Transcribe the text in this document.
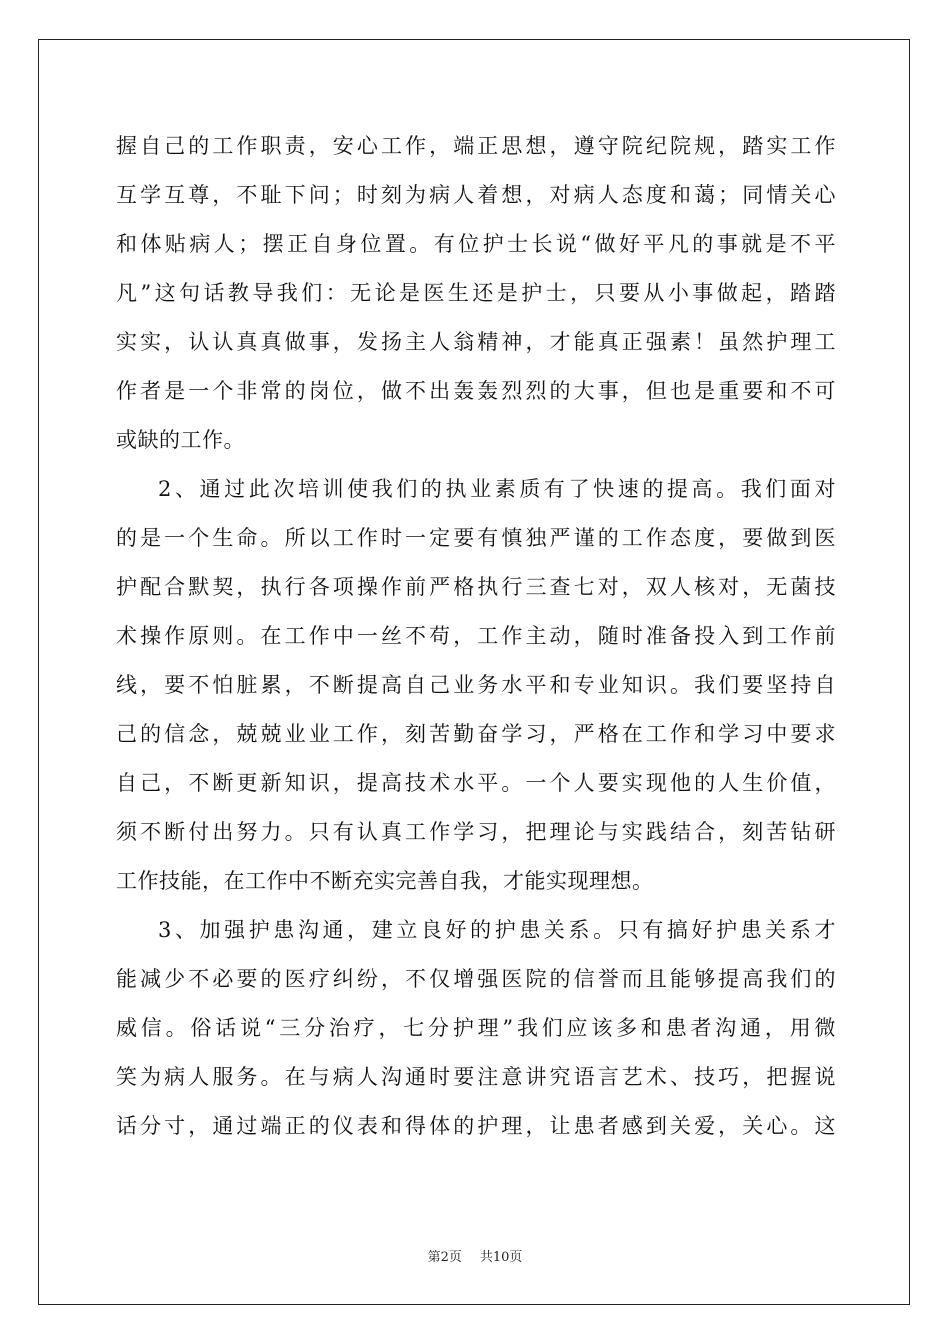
握自己的工作职责，安心工作，端正思想，遵守院纪院规，踏实工作
互学互尊，不耻下问；时刻为病人着想，对病人态度和蔼；同情关心
和体贴病人；摆正自身位置。有位护士长说“做好平凡的事就是不平
凡”这句话教导我们：无论是医生还是护士，只要从小事做起，踏踏
实实，认认真真做事，发扬主人翁精神，才能真正强素！虽然护理工
作者是一个非常的岗位，做不出轰轰烈烈的大事，但也是重要和不可
或缺的工作。
2、通过此次培训使我们的执业素质有了快速的提高。我们面对
的是一个生命。所以工作时一定要有慎独严谨的工作态度，要做到医
护配合默契，执行各项操作前严格执行三查七对，双人核对，无菌技
术操作原则。在工作中一丝不苟，工作主动，随时准备投入到工作前
线，要不怕脏累，不断提高自己业务水平和专业知识。我们要坚持自
己的信念，兢兢业业工作，刻苦勤奋学习，严格在工作和学习中要求
自己，不断更新知识，提高技术水平。一个人要实现他的人生价值，
须不断付出努力。只有认真工作学习，把理论与实践结合，刻苦钻研
工作技能，在工作中不断充实完善自我，才能实现理想。
3、加强护患沟通，建立良好的护患关系。只有搞好护患关系才
能减少不必要的医疗纠纷，不仅增强医院的信誉而且能够提高我们的
威信。俗话说“三分治疗，七分护理”我们应该多和患者沟通，用微
笑为病人服务。在与病人沟通时要注意讲究语言艺术、技巧，把握说
话分寸，通过端正的仪表和得体的护理，让患者感到关爱，关心。这
第2页 共10页
